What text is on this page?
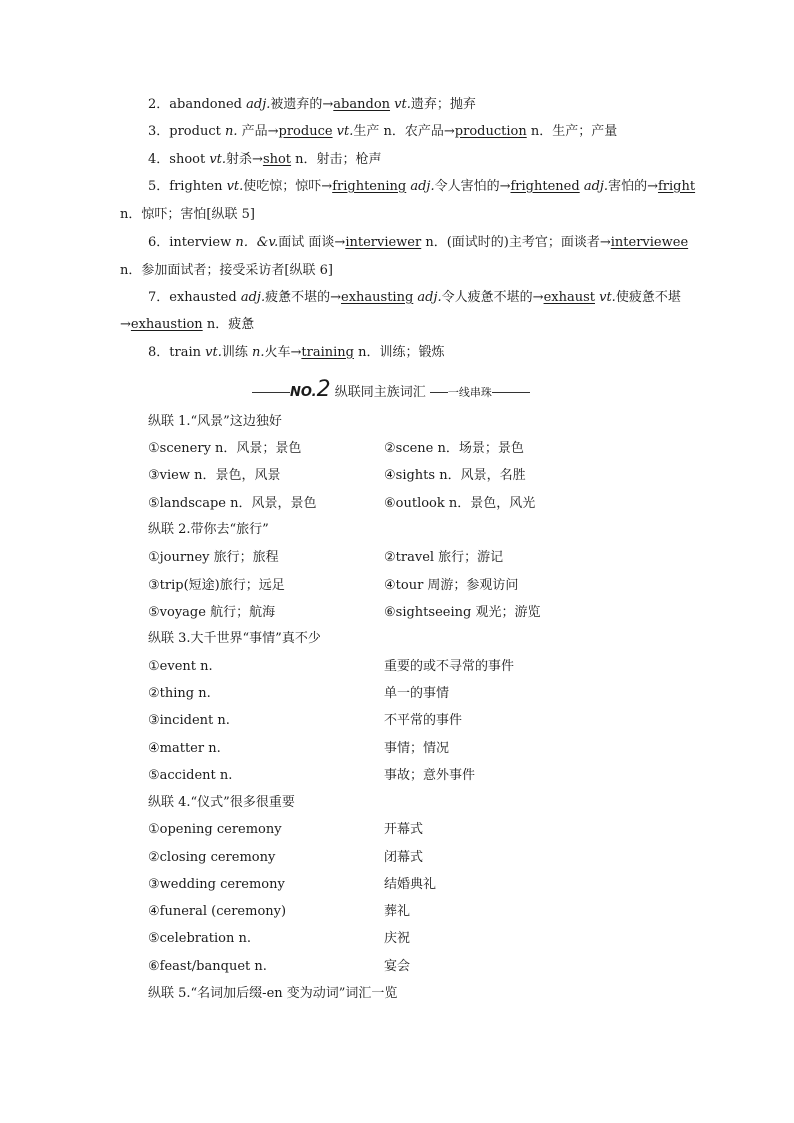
2．abandoned adj.被遗弃的→abandon vt.遗弃；抛弃
3．product n. 产品→produce vt.生产 n．农产品→production n．生产；产量
4．shoot vt.射杀→shot n．射击；枪声
5．frighten vt.使吃惊；惊吓→frightening adj.令人害怕的→frightened adj.害怕的→fright
n．惊吓；害怕[纵联 5]
6．interview n．&v.面试 面谈→interviewer n．(面试时的)主考官；面谈者→interviewee
n．参加面试者；接受采访者[纵联 6]
7．exhausted adj.疲惫不堪的→exhausting adj.令人疲惫不堪的→exhaust vt.使疲惫不堪
→exhaustion n．疲惫
8．train vt.训练 n.火车→training n．训练；锻炼
NO.2 纵联同主族词汇 一线串珠
纵联 1.“风景”这边独好
①scenery n．风景；景色	②scene n．场景；景色
③view n．景色，风景	④sights n．风景，名胜
⑤landscape n．风景，景色	⑥outlook n．景色，风光
纵联 2.带你去“旅行”
①journey 旅行；旅程	②travel 旅行；游记
③trip(短途)旅行；远足	④tour 周游；参观访问
⑤voyage 航行；航海	⑥sightseeing 观光；游览
纵联 3.大千世界“事情”真不少
①event n.	重要的或不寻常的事件
②thing n.	单一的事情
③incident n.	不平常的事件
④matter n.	事情；情况
⑤accident n.	事故；意外事件
纵联 4.“仪式”很多很重要
①opening ceremony	开幕式
②closing ceremony	闭幕式
③wedding ceremony	结婚典礼
④funeral (ceremony)	葬礼
⑤celebration n.	庆祝
⑥feast/banquet n.	宴会
纵联 5.“名词加后缀-en 变为动词”词汇一览
